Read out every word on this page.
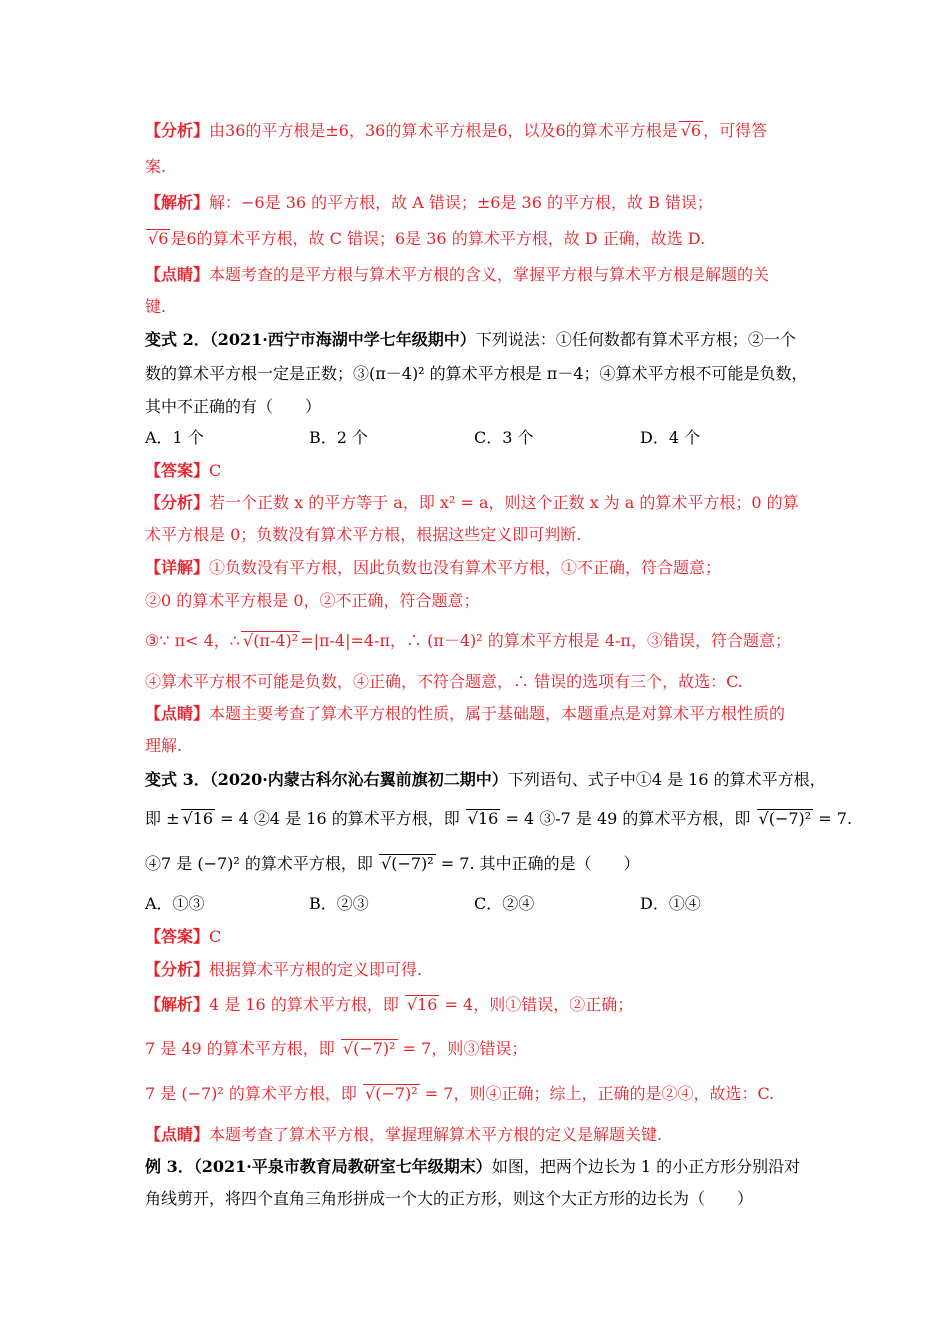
【分析】由36的平方根是±6，36的算术平方根是6，以及6的算术平方根是 √6 ，可得答
案.
【解析】解：−6是 36 的平方根，故 A 错误；±6是 36 的平方根，故 B 错误；
√6 是6的算术平方根，故 C 错误；6是 36 的算术平方根，故 D 正确，故选 D.
【点睛】本题考查的是平方根与算术平方根的含义，掌握平方根与算术平方根是解题的关
键.
变式 2．（2021·西宁市海湖中学七年级期中）下列说法：①任何数都有算术平方根；②一个
数的算术平方根一定是正数；③(π－4)² 的算术平方根是 π－4；④算术平方根不可能是负数，
其中不正确的有（　　）
A．1 个	B．2 个	C．3 个	D．4 个
【答案】C
【分析】若一个正数 x 的平方等于 a，即 x² = a，则这个正数 x 为 a 的算术平方根；0 的算
术平方根是 0；负数没有算术平方根，根据这些定义即可判断.
【详解】①负数没有平方根，因此负数也没有算术平方根，①不正确，符合题意；
②0 的算术平方根是 0，②不正确，符合题意；
③∵ π< 4，∴ √(π-4)² =|π-4|=4-π，∴ (π－4)² 的算术平方根是 4-π，③错误，符合题意；
④算术平方根不可能是负数，④正确，不符合题意，∴ 错误的选项有三个，故选：C.
【点睛】本题主要考查了算术平方根的性质，属于基础题，本题重点是对算术平方根性质的
理解.
变式 3．（2020·内蒙古科尔沁右翼前旗初二期中）下列语句、式子中①4 是 16 的算术平方根，
即 ± √16 = 4 ②4 是 16 的算术平方根，即 √16 = 4 ③-7 是 49 的算术平方根，即 √(−7)² = 7.
④7 是 (−7)² 的算术平方根，即 √(−7)² = 7. 其中正确的是（　　）
A．①③	B．②③	C．②④	D．①④
【答案】C
【分析】根据算术平方根的定义即可得.
【解析】4 是 16 的算术平方根，即 √16 = 4，则①错误，②正确；
7 是 49 的算术平方根，即 √(−7)² = 7，则③错误；
7 是 (−7)² 的算术平方根，即 √(−7)² = 7，则④正确；综上，正确的是②④，故选：C.
【点睛】本题考查了算术平方根，掌握理解算术平方根的定义是解题关键.
例 3．（2021·平泉市教育局教研室七年级期末）如图，把两个边长为 1 的小正方形分别沿对
角线剪开，将四个直角三角形拼成一个大的正方形，则这个大正方形的边长为（　　）
